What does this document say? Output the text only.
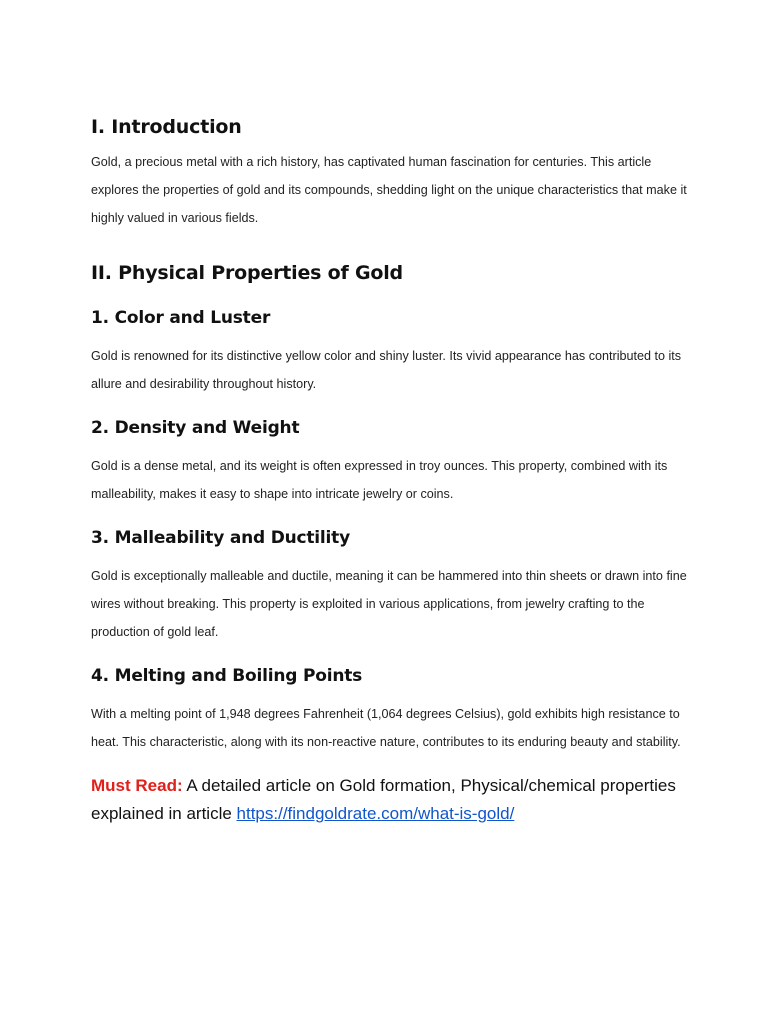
I. Introduction

Gold, a precious metal with a rich history, has captivated human fascination for centuries. This article explores the properties of gold and its compounds, shedding light on the unique characteristics that make it highly valued in various fields.

II. Physical Properties of Gold
1. Color and Luster

Gold is renowned for its distinctive yellow color and shiny luster. Its vivid appearance has contributed to its allure and desirability throughout history.

2. Density and Weight

Gold is a dense metal, and its weight is often expressed in troy ounces. This property, combined with its malleability, makes it easy to shape into intricate jewelry or coins.

3. Malleability and Ductility

Gold is exceptionally malleable and ductile, meaning it can be hammered into thin sheets or drawn into fine wires without breaking. This property is exploited in various applications, from jewelry crafting to the production of gold leaf.

4. Melting and Boiling Points

With a melting point of 1,948 degrees Fahrenheit (1,064 degrees Celsius), gold exhibits high resistance to heat. This characteristic, along with its non-reactive nature, contributes to its enduring beauty and stability.

Must Read: A detailed article on Gold formation, Physical/chemical properties explained in article https://findgoldrate.com/what-is-gold/
